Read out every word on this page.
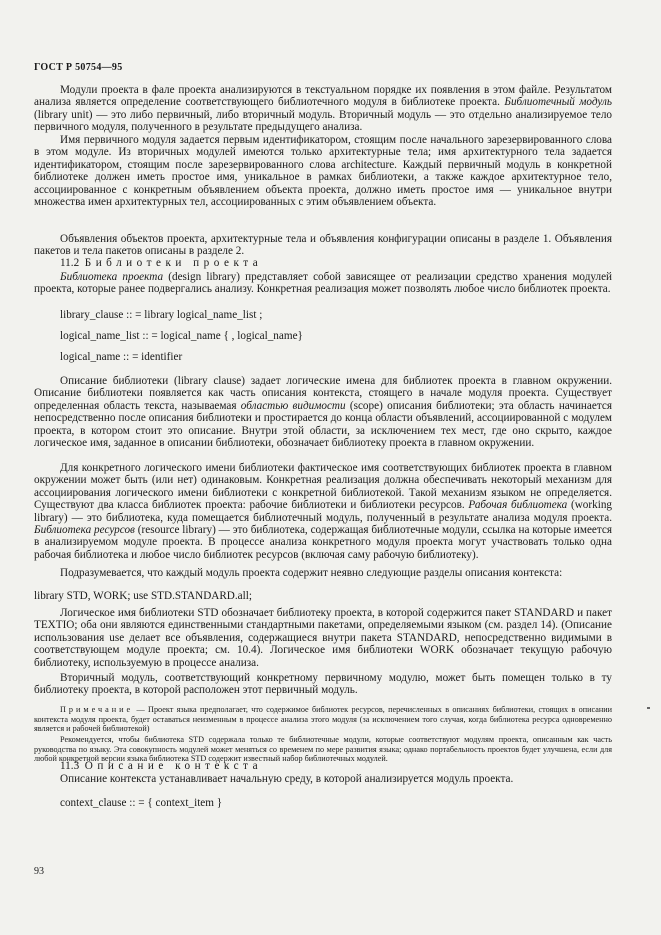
ГОСТ Р 50754—95

Модули проекта в фале проекта анализируются в текстуальном порядке их появления в этом файле. Результатом анализа является определение соответствующего библиотечного модуля в библиотеке проекта. Библиотечный модуль (library unit) — это либо первичный, либо вторичный модуль. Вторичный модуль — это отдельно анализируемое тело первичного модуля, полученного в результате предыдущего анализа.

Имя первичного модуля задается первым идентификатором, стоящим после начального зарезервированного слова в этом модуле. Из вторичных модулей имеются только архитектурные тела; имя архитектурного тела задается идентификатором, стоящим после зарезервированного слова architecture. Каждый первичный модуль в конкретной библиотеке должен иметь простое имя, уникальное в рамках библиотеки, а также каждое архитектурное тело, ассоциированное с конкретным объявлением объекта проекта, должно иметь простое имя — уникальное внутри множества имен архитектурных тел, ассоциированных с этим объявлением объекта.

Объявления объектов проекта, архитектурные тела и объявления конфигурации описаны в разделе 1. Объявления пакетов и тела пакетов описаны в разделе 2.

11.2 Библиотеки проекта

Библиотека проекта (design library) представляет собой зависящее от реализации средство хранения модулей проекта, которые ранее подвергались анализу. Конкретная реализация может позволять любое число библиотек проекта.

library_clause :: = library logical_name_list ;
logical_name_list :: = logical_name { , logical_name}
logical_name :: = identifier

Описание библиотеки (library clause) задает логические имена для библиотек проекта в главном окружении. Описание библиотеки появляется как часть описания контекста, стоящего в начале модуля проекта. Существует определенная область текста, называемая областью видимости (scope) описания библиотеки; эта область начинается непосредственно после описания библиотеки и простирается до конца области объявлений, ассоциированной с модулем проекта, в котором стоит это описание. Внутри этой области, за исключением тех мест, где оно скрыто, каждое логическое имя, заданное в описании библиотеки, обозначает библиотеку проекта в главном окружении.

Для конкретного логического имени библиотеки фактическое имя соответствующих библиотек проекта в главном окружении может быть (или нет) одинаковым. Конкретная реализация должна обеспечивать некоторый механизм для ассоциирования логического имени библиотеки с конкретной библиотекой. Такой механизм языком не определяется. Существуют два класса библиотек проекта: рабочие библиотеки и библиотеки ресурсов. Рабочая библиотека (working library) — это библиотека, куда помещается библиотечный модуль, полученный в результате анализа модуля проекта. Библиотека ресурсов (resource library) — это библиотека, содержащая библиотечные модули, ссылка на которые имеется в анализируемом модуле проекта. В процессе анализа конкретного модуля проекта могут участвовать только одна рабочая библиотека и любое число библиотек ресурсов (включая саму рабочую библиотеку).

Подразумевается, что каждый модуль проекта содержит неявно следующие разделы описания контекста:

library STD, WORK; use STD.STANDARD.all;

Логическое имя библиотеки STD обозначает библиотеку проекта, в которой содержится пакет STANDARD и пакет TEXTIO; оба они являются единственными стандартными пакетами, определяемыми языком (см. раздел 14). (Описание использования use делает все объявления, содержащиеся внутри пакета STANDARD, непосредственно видимыми в соответствующем модуле проекта; см. 10.4). Логическое имя библиотеки WORK обозначает текущую рабочую библиотеку, используемую в процессе анализа.

Вторичный модуль, соответствующий конкретному первичному модулю, может быть помещен только в ту библиотеку проекта, в которой расположен этот первичный модуль.

Примечание — Проект языка предполагает, что содержимое библиотек ресурсов, перечисленных в описаниях библиотеки, стоящих в описании контекста модуля проекта, будет оставаться неизменным в процессе анализа этого модуля (за исключением того случая, когда библиотека ресурса одновременно является и рабочей библиотекой)

Рекомендуется, чтобы библиотека STD содержала только те библиотечные модули, которые соответствуют модулям проекта, описанным как часть руководства по языку. Эта совокупность модулей может меняться со временем по мере развития языка; однако портабельность проектов будет улучшена, если для любой конкретной версии языка библиотека STD содержит известный набор библиотечных модулей.

11.3 Описание контекста

Описание контекста устанавливает начальную среду, в которой анализируется модуль проекта.

context_clause :: = { context_item }
93
